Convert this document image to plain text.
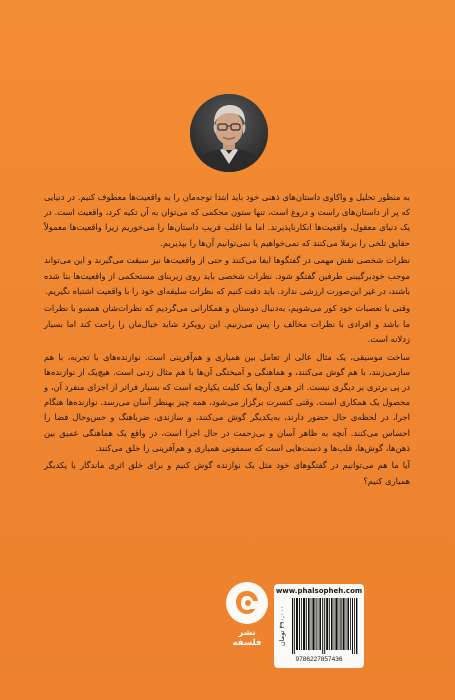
به منظور تحلیل و واکاوی داستان‌های ذهنی خود باید ابتدا توجه‌مان را به واقعیت‌ها معطوف کنیم. در دنیایی که پر از داستان‌های راست و دروغ است، تنها ستون محکمی که می‌توان به آن تکیه کرد، واقعیت است. در یک دنیای معقول، واقعیت‌ها انکارناپذیرند. اما ما اغلب فریب داستان‌ها را می‌خوریم زیرا واقعیت‌ها معمولاً حقایق تلخی را برملا می‌کنند که نمی‌خواهیم یا نمی‌توانیم آن‌ها را بپذیریم.

نظرات شخصی نقش مهمی در گفتگوها ایفا می‌کنند و حتی از واقعیت‌ها نیز سبقت می‌گیرند و این می‌تواند موجب خودبرگیبنی طرفین گفتگو شود. نظرات شخصی باید روی زیربنای مستحکمی از واقعیت‌ها بنا شده باشند، در غیر این‌صورت ارزشی ندارد. باید دقت کنیم که نظرات سلیقه‌ای خود را با واقعیت اشتباه نگیریم.

وقتی با تعصبات خود کور می‌شویم، به‌دنبال دوستان و همکارانی می‌گردیم که نظرات‌شان همسو با نظرات ما باشد و افرادی با نظرات مخالف را پس می‌زنیم. این رویکرد شاید خیال‌مان را راحت کند اما بسیار زدلانه است.

ساخت موسیقی، یک مثال عالی از تعامل بین همیاری و هم‌آفرینی است. نوازنده‌های با تجربه، با هم سازمی‌زنند، با هم گوش می‌کنند، و هماهنگی و آمیختگی آن‌ها با هم مثال زدنی است. هیچ‌یک از نوازنده‌ها در پی برتری بر دیگری نیست. اثر هنری آن‌ها یک کلیت یکپارچه است که بسیار فراتر از اجزای منفرد آن، و محصول یک همکاری است. وقتی کنسرت برگزار می‌شود، همه چیز بهنظر آسان می‌رسد. نوازنده‌ها هنگام اجرا، در لحظه‌ی حال حضور دارند، به‌یکدیگر گوش می‌کنند، و سازندی، ضرباهنگ و حس‌وحال فضا را احساس می‌کنند. آنچه به ظاهر آسان و بی‌زحمت در حال اجرا است، در واقع یک هماهنگی عمیق بین ذهن‌ها، گوش‌ها، قلب‌ها و دست‌هایی است که سمفونی همیاری و هم‌آفرینی را خلق می‌کنند.

آیا ما هم می‌توانیم در گفتگوهای خود مثل یک نوازنده گوش کنیم و برای خلق اثری ماندگار با یکدیگر همیاری کنیم؟

نشر فلسفه
www.phalsopheh.com
۳۹۰,۰۰۰ تومان
9786227857436
